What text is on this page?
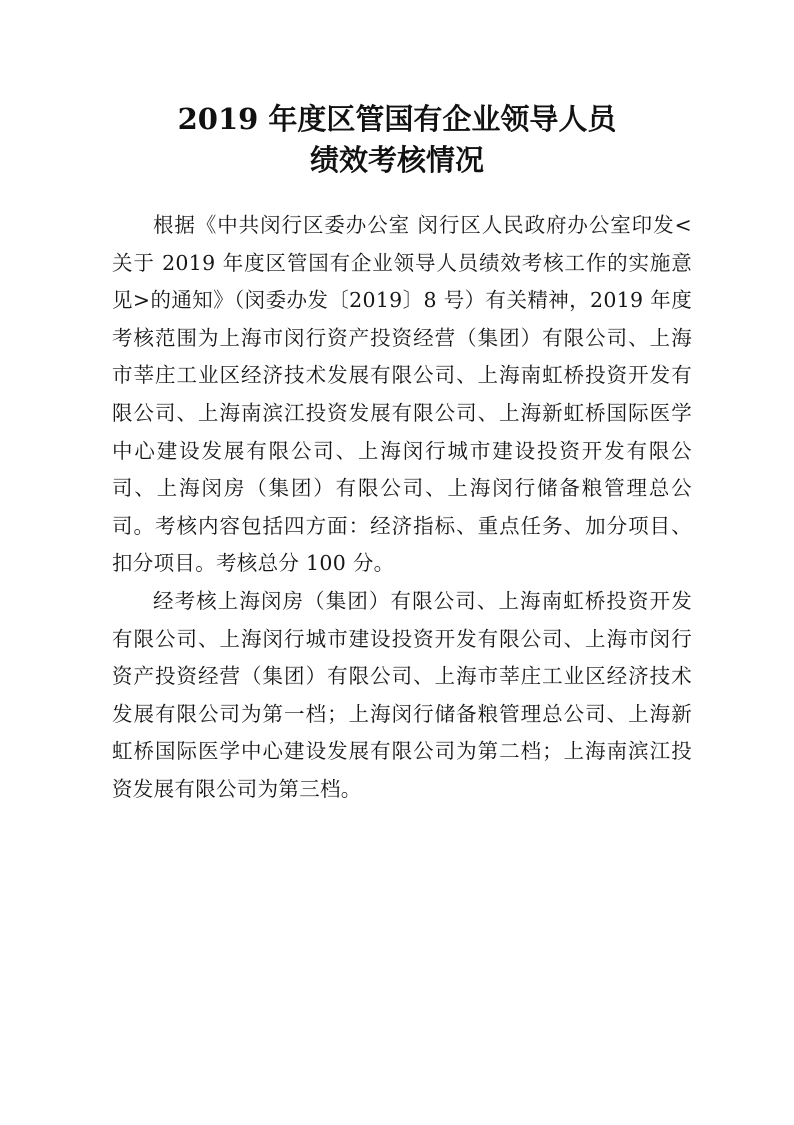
2019 年度区管国有企业领导人员
绩效考核情况

根据《中共闵行区委办公室 闵行区人民政府办公室印发<关于 2019 年度区管国有企业领导人员绩效考核工作的实施意见>的通知》（闵委办发〔2019〕8 号）有关精神，2019 年度考核范围为上海市闵行资产投资经营（集团）有限公司、上海市莘庄工业区经济技术发展有限公司、上海南虹桥投资开发有限公司、上海南滨江投资发展有限公司、上海新虹桥国际医学中心建设发展有限公司、上海闵行城市建设投资开发有限公司、上海闵房（集团）有限公司、上海闵行储备粮管理总公司。考核内容包括四方面：经济指标、重点任务、加分项目、扣分项目。考核总分 100 分。

经考核上海闵房（集团）有限公司、上海南虹桥投资开发有限公司、上海闵行城市建设投资开发有限公司、上海市闵行资产投资经营（集团）有限公司、上海市莘庄工业区经济技术发展有限公司为第一档；上海闵行储备粮管理总公司、上海新虹桥国际医学中心建设发展有限公司为第二档；上海南滨江投资发展有限公司为第三档。
